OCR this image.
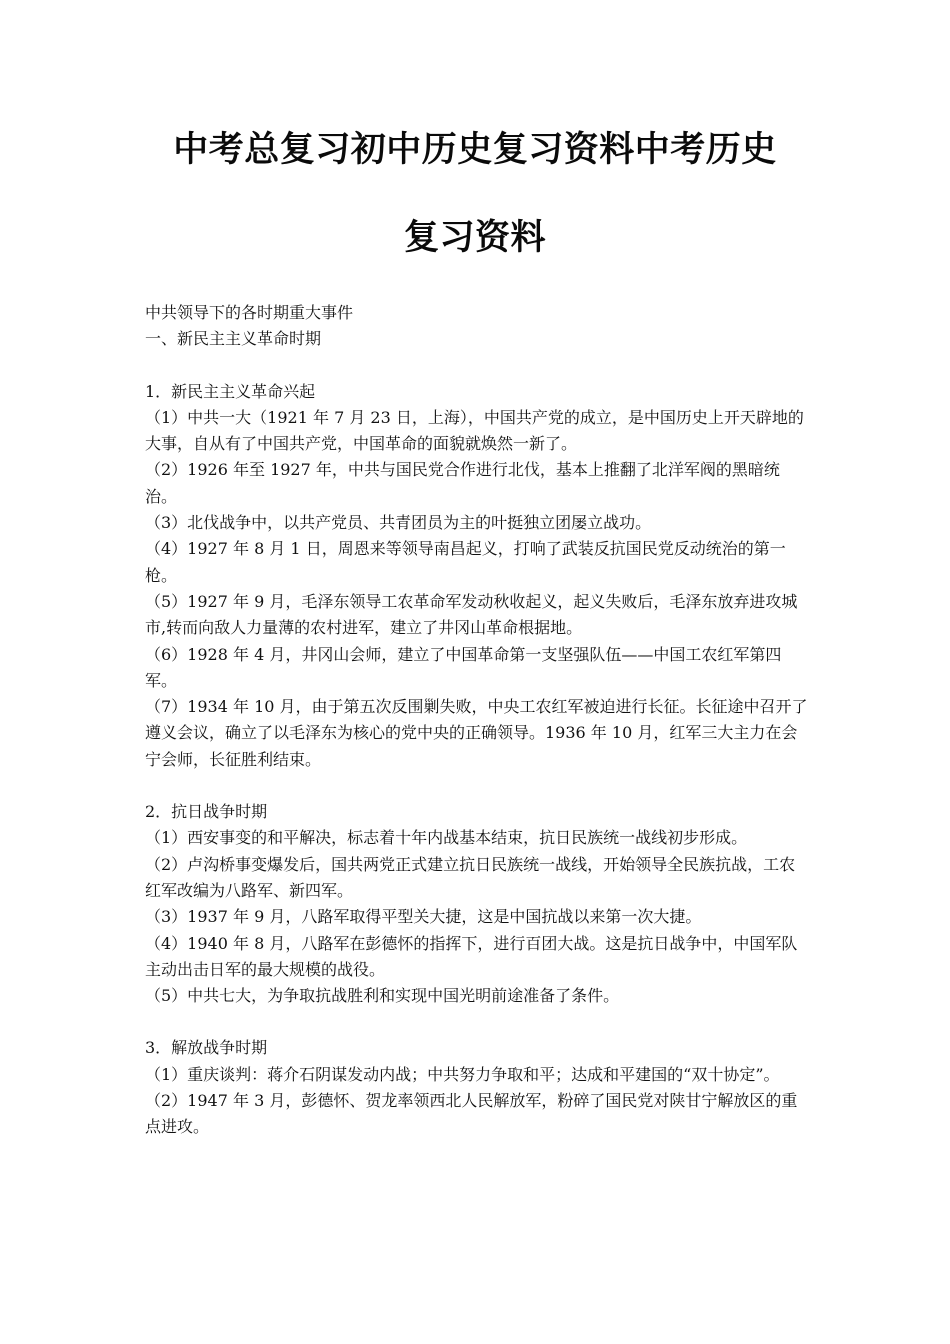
中考总复习初中历史复习资料中考历史
复习资料

中共领导下的各时期重大事件

一、新民主主义革命时期

1．新民主主义革命兴起

（1）中共一大（1921 年 7 月 23 日，上海），中国共产党的成立，是中国历史上开天辟地的大事，自从有了中国共产党，中国革命的面貌就焕然一新了。

（2）1926 年至 1927 年，中共与国民党合作进行北伐，基本上推翻了北洋军阀的黑暗统治。

（3）北伐战争中，以共产党员、共青团员为主的叶挺独立团屡立战功。

（4）1927 年 8 月 1 日，周恩来等领导南昌起义，打响了武装反抗国民党反动统治的第一枪。

（5）1927 年 9 月，毛泽东领导工农革命军发动秋收起义，起义失败后，毛泽东放弃进攻城市,转而向敌人力量薄的农村进军，建立了井冈山革命根据地。

（6）1928 年 4 月，井冈山会师，建立了中国革命第一支坚强队伍——中国工农红军第四军。

（7）1934 年 10 月，由于第五次反围剿失败，中央工农红军被迫进行长征。长征途中召开了遵义会议，确立了以毛泽东为核心的党中央的正确领导。1936 年 10 月，红军三大主力在会宁会师，长征胜利结束。

2．抗日战争时期

（1）西安事变的和平解决，标志着十年内战基本结束，抗日民族统一战线初步形成。

（2）卢沟桥事变爆发后，国共两党正式建立抗日民族统一战线，开始领导全民族抗战，工农红军改编为八路军、新四军。

（3）1937 年 9 月，八路军取得平型关大捷，这是中国抗战以来第一次大捷。

（4）1940 年 8 月，八路军在彭德怀的指挥下，进行百团大战。这是抗日战争中，中国军队主动出击日军的最大规模的战役。

（5）中共七大，为争取抗战胜利和实现中国光明前途准备了条件。

3．解放战争时期

（1）重庆谈判：蒋介石阴谋发动内战；中共努力争取和平；达成和平建国的“双十协定”。

（2）1947 年 3 月，彭德怀、贺龙率领西北人民解放军，粉碎了国民党对陕甘宁解放区的重点进攻。
